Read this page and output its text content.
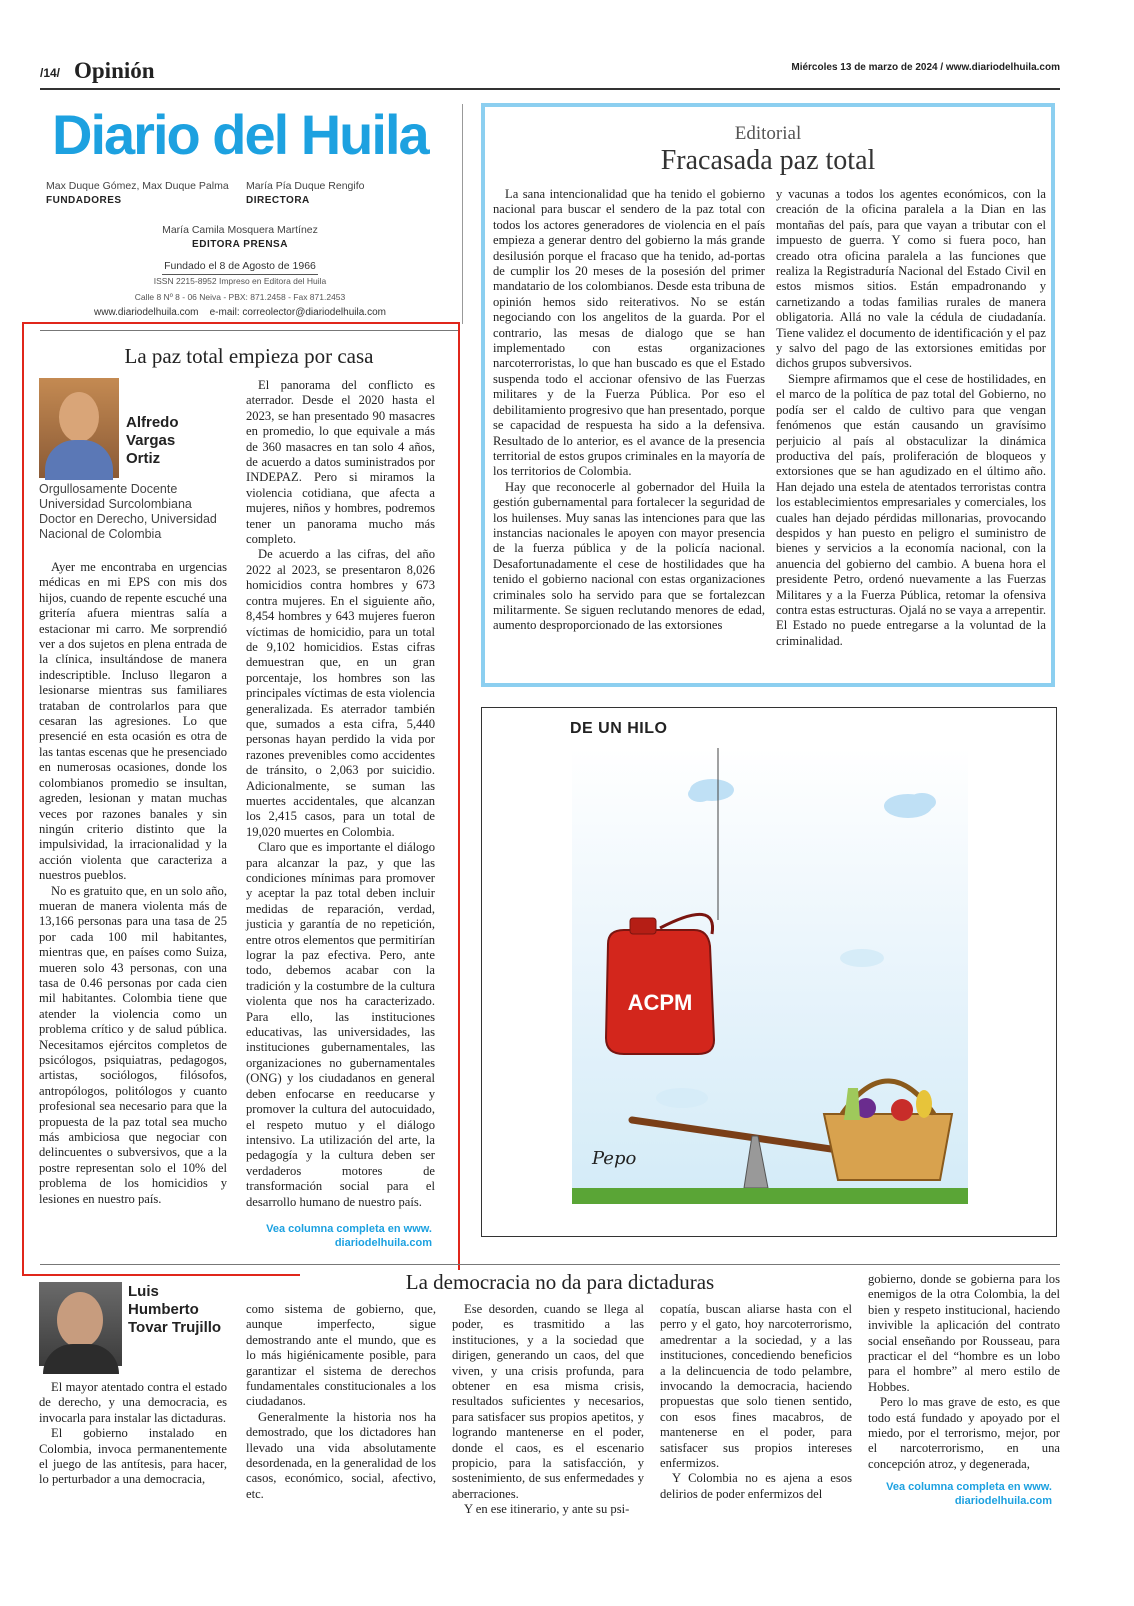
/14/ Opinión	Miércoles 13 de marzo de 2024 / www.diariodelhuila.com
Diario del Huila
Max Duque Gómez, Max Duque Palma
FUNDADORES
María Pía Duque Rengifo
DIRECTORA
María Camila Mosquera Martínez
EDITORA PRENSA
Fundado el 8 de Agosto de 1966
ISSN 2215-8952 Impreso en Editora del Huila
Calle 8 Nº 8 - 06 Neiva - PBX: 871.2458 - Fax 871.2453
www.diariodelhuila.com    e-mail: correolector@diariodelhuila.com
Editorial
Fracasada paz total

La sana intencionalidad que ha tenido el gobierno nacional para buscar el sendero de la paz total con todos los actores generadores de violencia en el país empieza a generar dentro del gobierno la más grande desilusión porque el fracaso que ha tenido, ad-portas de cumplir los 20 meses de la posesión del primer mandatario de los colombianos. Desde esta tribuna de opinión hemos sido reiterativos. No se están negociando con los angelitos de la guarda. Por el contrario, las mesas de dialogo que se han implementado con estas organizaciones narcoterroristas, lo que han buscado es que el Estado suspenda todo el accionar ofensivo de las Fuerzas militares y de la Fuerza Pública. Por eso el debilitamiento progresivo que han presentado, porque se capacidad de respuesta ha sido a la defensiva. Resultado de lo anterior, es el avance de la presencia territorial de estos grupos criminales en la mayoría de los territorios de Colombia.

Hay que reconocerle al gobernador del Huila la gestión gubernamental para fortalecer la seguridad de los huilenses. Muy sanas las intenciones para que las instancias nacionales le apoyen con mayor presencia de la fuerza pública y de la policía nacional. Desafortunadamente el cese de hostilidades que ha tenido el gobierno nacional con estas organizaciones criminales solo ha servido para que se fortalezcan militarmente. Se siguen reclutando menores de edad, aumento desproporcionado de las extorsiones

y vacunas a todos los agentes económicos, con la creación de la oficina paralela a la Dian en las montañas del país, para que vayan a tributar con el impuesto de guerra. Y como si fuera poco, han creado otra oficina paralela a las funciones que realiza la Registraduría Nacional del Estado Civil en estos mismos sitios. Están empadronando y carnetizando a todas familias rurales de manera obligatoria. Allá no vale la cédula de ciudadanía. Tiene validez el documento de identificación y el paz y salvo del pago de las extorsiones emitidas por dichos grupos subversivos.

Siempre afirmamos que el cese de hostilidades, en el marco de la política de paz total del Gobierno, no podía ser el caldo de cultivo para que vengan fenómenos que están causando un gravísimo perjuicio al país al obstaculizar la dinámica productiva del país, proliferación de bloqueos y extorsiones que se han agudizado en el último año. Han dejado una estela de atentados terroristas contra los establecimientos empresariales y comerciales, los cuales han dejado pérdidas millonarias, provocando despidos y han puesto en peligro el suministro de bienes y servicios a la economía nacional, con la anuencia del gobierno del cambio. A buena hora el presidente Petro, ordenó nuevamente a las Fuerzas Militares y a la Fuerza Pública, retomar la ofensiva contra estas estructuras. Ojalá no se vaya a arrepentir. El Estado no puede entregarse a la voluntad de la criminalidad.

DE UN HILO
ACPM
Pepo
La paz total empieza por casa
Alfredo Vargas Ortiz
Orgullosamente Docente Universidad Surcolombiana Doctor en Derecho, Universidad Nacional de Colombia

Ayer me encontraba en urgencias médicas en mi EPS con mis dos hijos, cuando de repente escuché una gritería afuera mientras salía a estacionar mi carro. Me sorprendió ver a dos sujetos en plena entrada de la clínica, insultándose de manera indescriptible. Incluso llegaron a lesionarse mientras sus familiares trataban de controlarlos para que cesaran las agresiones. Lo que presencié en esta ocasión es otra de las tantas escenas que he presenciado en numerosas ocasiones, donde los colombianos promedio se insultan, agreden, lesionan y matan muchas veces por razones banales y sin ningún criterio distinto que la impulsividad, la irracionalidad y la acción violenta que caracteriza a nuestros pueblos.

No es gratuito que, en un solo año, mueran de manera violenta más de 13,166 personas para una tasa de 25 por cada 100 mil habitantes, mientras que, en países como Suiza, mueren solo 43 personas, con una tasa de 0.46 personas por cada cien mil habitantes. Colombia tiene que atender la violencia como un problema crítico y de salud pública. Necesitamos ejércitos completos de psicólogos, psiquiatras, pedagogos, artistas, sociólogos, filósofos, antropólogos, politólogos y cuanto profesional sea necesario para que la propuesta de la paz total sea mucho más ambiciosa que negociar con delincuentes o subversivos, que a la postre representan solo el 10% del problema de los homicidios y lesiones en nuestro país.

El panorama del conflicto es aterrador. Desde el 2020 hasta el 2023, se han presentado 90 masacres en promedio, lo que equivale a más de 360 masacres en tan solo 4 años, de acuerdo a datos suministrados por INDEPAZ. Pero si miramos la violencia cotidiana, que afecta a mujeres, niños y hombres, podremos tener un panorama mucho más completo.

De acuerdo a las cifras, del año 2022 al 2023, se presentaron 8,026 homicidios contra hombres y 673 contra mujeres. En el siguiente año, 8,454 hombres y 643 mujeres fueron víctimas de homicidio, para un total de 9,102 homicidios. Estas cifras demuestran que, en un gran porcentaje, los hombres son las principales víctimas de esta violencia generalizada. Es aterrador también que, sumados a esta cifra, 5,440 personas hayan perdido la vida por razones prevenibles como accidentes de tránsito, o 2,063 por suicidio. Adicionalmente, se suman las muertes accidentales, que alcanzan los 2,415 casos, para un total de 19,020 muertes en Colombia.

Claro que es importante el diálogo para alcanzar la paz, y que las condiciones mínimas para promover y aceptar la paz total deben incluir medidas de reparación, verdad, justicia y garantía de no repetición, entre otros elementos que permitirían lograr la paz efectiva. Pero, ante todo, debemos acabar con la tradición y la costumbre de la cultura violenta que nos ha caracterizado. Para ello, las instituciones educativas, las universidades, las instituciones gubernamentales, las organizaciones no gubernamentales (ONG) y los ciudadanos en general deben enfocarse en reeducarse y promover la cultura del autocuidado, el respeto mutuo y el diálogo intensivo. La utilización del arte, la pedagogía y la cultura deben ser verdaderos motores de transformación social para el desarrollo humano de nuestro país.

Vea columna completa en www. diariodelhuila.com
La democracia no da para dictaduras
Luis Humberto Tovar Trujillo

El mayor atentado contra el estado de derecho, y una democracia, es invocarla para instalar las dictaduras.

El gobierno instalado en Colombia, invoca permanentemente el juego de las antítesis, para hacer, lo perturbador a una democracia,

como sistema de gobierno, que, aunque imperfecto, sigue demostrando ante el mundo, que es lo más higiénicamente posible, para garantizar el sistema de derechos fundamentales constitucionales a los ciudadanos.

Generalmente la historia nos ha demostrado, que los dictadores han llevado una vida absolutamente desordenada, en la generalidad de los casos, económico, social, afectivo, etc.

Ese desorden, cuando se llega al poder, es trasmitido a las instituciones, y a la sociedad que dirigen, generando un caos, del que viven, y una crisis profunda, para obtener en esa misma crisis, resultados suficientes y necesarios, para satisfacer sus propios apetitos, y logrando mantenerse en el poder, donde el caos, es el escenario propicio, para la satisfacción, y sostenimiento, de sus enfermedades y aberraciones.

Y en ese itinerario, y ante su psi-

copatía, buscan aliarse hasta con el perro y el gato, hoy narcoterrorismo, amedrentar a la sociedad, y a las instituciones, concediendo beneficios a la delincuencia de todo pelambre, invocando la democracia, haciendo propuestas que solo tienen sentido, con esos fines macabros, de mantenerse en el poder, para satisfacer sus propios intereses enfermizos.

Y Colombia no es ajena a esos delirios de poder enfermizos del

gobierno, donde se gobierna para los enemigos de la otra Colombia, la del bien y respeto institucional, haciendo invivible la aplicación del contrato social enseñando por Rousseau, para practicar el del “hombre es un lobo para el hombre” al mero estilo de Hobbes.

Pero lo mas grave de esto, es que todo está fundado y apoyado por el miedo, por el terrorismo, mejor, por el narcoterrorismo, en una concepción atroz, y degenerada,

Vea columna completa en www. diariodelhuila.com
